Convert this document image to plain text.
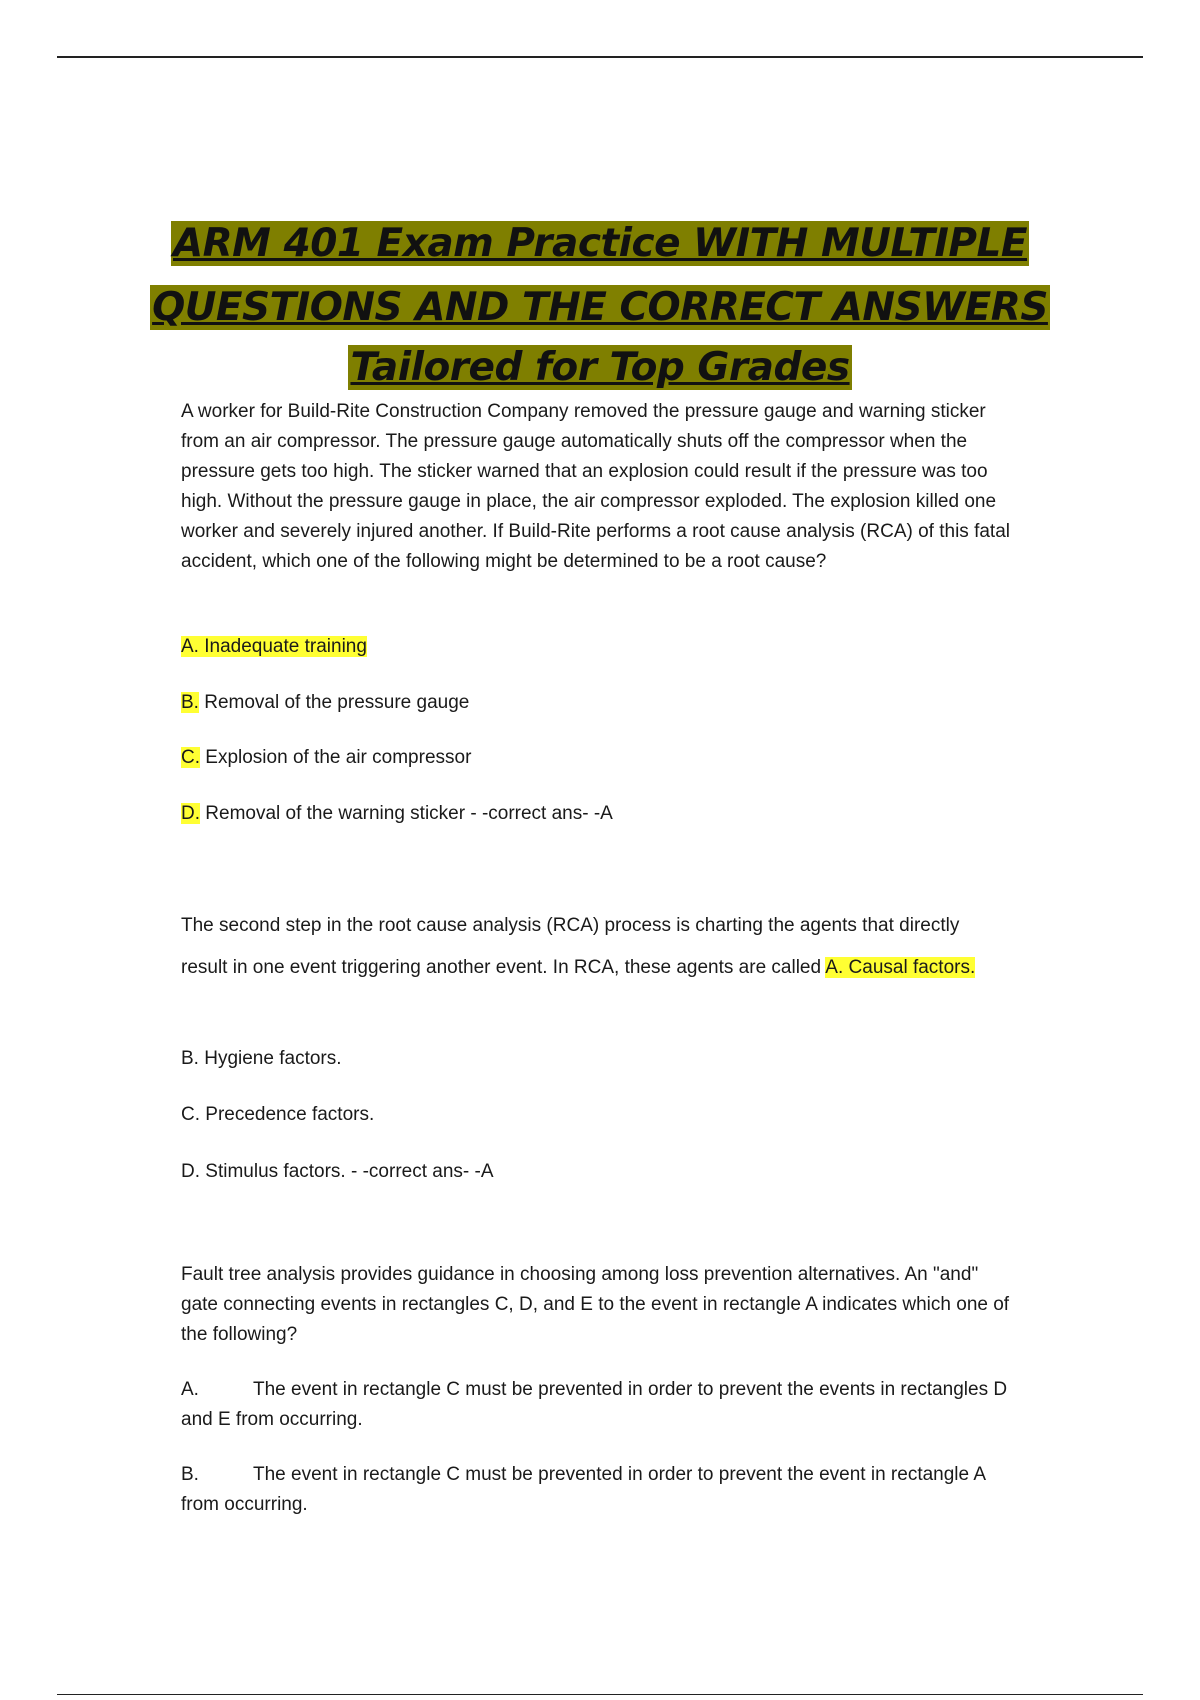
ARM 401 Exam Practice WITH MULTIPLE
QUESTIONS AND THE CORRECT ANSWERS
Tailored for Top Grades
A worker for Build-Rite Construction Company removed the pressure gauge and warning sticker from an air compressor. The pressure gauge automatically shuts off the compressor when the pressure gets too high. The sticker warned that an explosion could result if the pressure was too high. Without the pressure gauge in place, the air compressor exploded. The explosion killed one worker and severely injured another. If Build-Rite performs a root cause analysis (RCA) of this fatal accident, which one of the following might be determined to be a root cause?
A. Inadequate training
B. Removal of the pressure gauge
C. Explosion of the air compressor
D. Removal of the warning sticker - -correct ans- -A
The second step in the root cause analysis (RCA) process is charting the agents that directly result in one event triggering another event. In RCA, these agents are called A. Causal factors.
B. Hygiene factors.
C. Precedence factors.
D. Stimulus factors. - -correct ans- -A
Fault tree analysis provides guidance in choosing among loss prevention alternatives. An "and" gate connecting events in rectangles C, D, and E to the event in rectangle A indicates which one of the following?
A.	The event in rectangle C must be prevented in order to prevent the events in rectangles D and E from occurring.
B.	The event in rectangle C must be prevented in order to prevent the event in rectangle A from occurring.
